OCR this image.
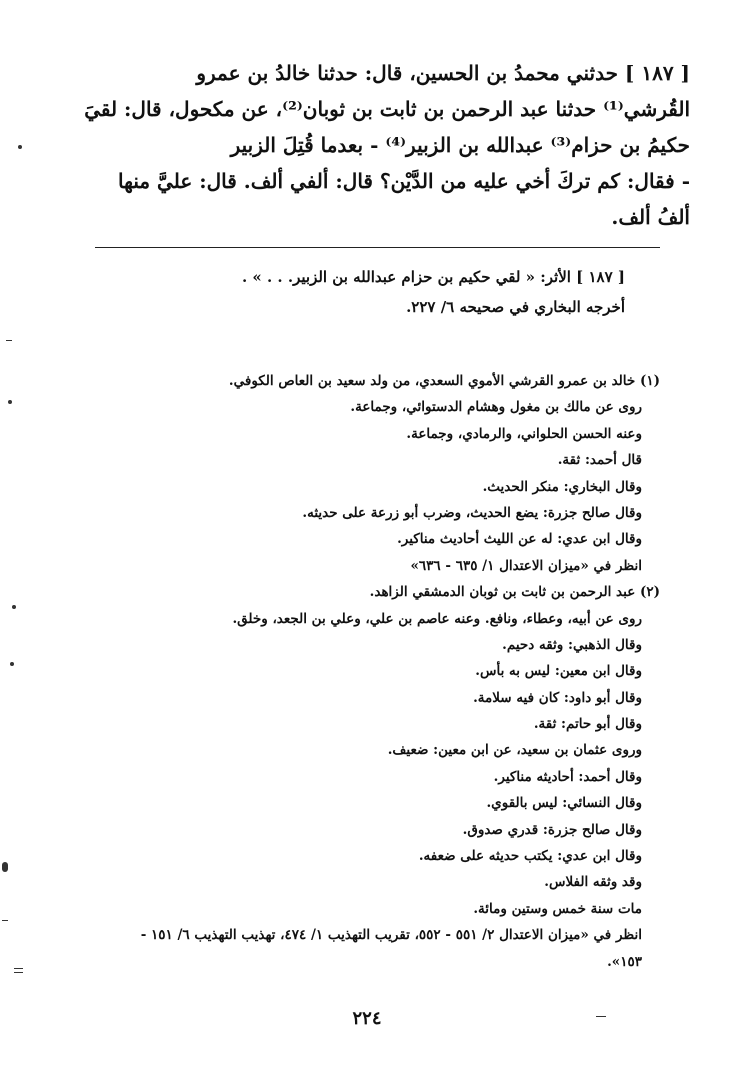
[ ١٨٧ ] حدثني محمدُ بن الحسين، قال: حدثنا خالدُ بن عمرو
القُرشي⁽¹⁾ حدثنا عبد الرحمن بن ثابت بن ثوبان⁽²⁾، عن مكحول، قال: لقيَ
حكيمُ بن حزام⁽³⁾ عبدالله بن الزبير⁽⁴⁾ - بعدما قُتِلَ الزبير
- فقال: كم تركَ أخي عليه من الدَّيْن؟ قال: ألفي ألف. قال: عليَّ منها
ألفُ ألف.
[ ١٨٧ ] الأثر: « لقي حكيم بن حزام عبدالله بن الزبير. . . » .
أخرجه البخاري في صحيحه ٦/ ٢٢٧.
(١) خالد بن عمرو القرشي الأموي السعدي، من ولد سعيد بن العاص الكوفي.
روى عن مالك بن مغول وهشام الدستوائي، وجماعة.
وعنه الحسن الحلواني، والرمادي، وجماعة.
قال أحمد: ثقة.
وقال البخاري: منكر الحديث.
وقال صالح جزرة: يضع الحديث، وضرب أبو زرعة على حديثه.
وقال ابن عدي: له عن الليث أحاديث مناكير.
انظر في «ميزان الاعتدال ١/ ٦٣٥ - ٦٣٦»
(٢) عبد الرحمن بن ثابت بن ثوبان الدمشقي الزاهد.
روى عن أبيه، وعطاء، ونافع. وعنه عاصم بن علي، وعلي بن الجعد، وخلق.
وقال الذهبي: وثقه دحيم.
وقال ابن معين: ليس به بأس.
وقال أبو داود: كان فيه سلامة.
وقال أبو حاتم: ثقة.
وروى عثمان بن سعيد، عن ابن معين: ضعيف.
وقال أحمد: أحاديثه مناكير.
وقال النسائي: ليس بالقوي.
وقال صالح جزرة: قدري صدوق.
وقال ابن عدي: يكتب حديثه على ضعفه.
وقد وثقه الفلاس.
مات سنة خمس وستين ومائة.
انظر في «ميزان الاعتدال ٢/ ٥٥١ - ٥٥٢، تقريب التهذيب ١/ ٤٧٤، تهذيب التهذيب ٦/ ١٥١ -
١٥٣».
٢٢٤
